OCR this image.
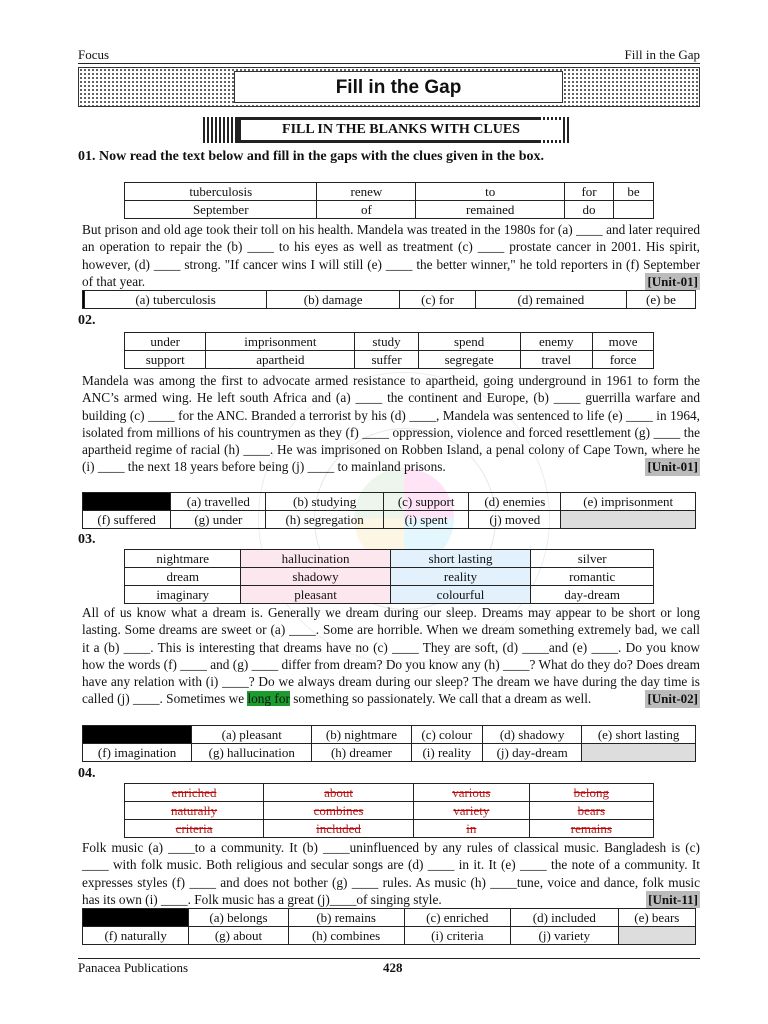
Focus	Fill in the Gap
Fill in the Gap
FILL IN THE BLANKS WITH CLUES
01. Now read the text below and fill in the gaps with the clues given in the box.
tuberculosis	renew	to	for	be
September	of	remained	do	

But prison and old age took their toll on his health. Mandela was treated in the 1980s for (a) ____ and later required an operation to repair the (b) ____ to his eyes as well as treatment (c) ____ prostate cancer in 2001. His spirit, however, (d) ____ strong. "If cancer wins I will still (e) ____ the better winner," he told reporters in (f) September of that year.	[Unit-01]

	(a) tuberculosis	(b) damage	(c) for	(d) remained	(e) be
02.
under	imprisonment	study	spend	enemy	move
support	apartheid	suffer	segregate	travel	force

Mandela was among the first to advocate armed resistance to apartheid, going underground in 1961 to form the ANC’s armed wing. He left south Africa and (a) ____ the continent and Europe, (b) ____ guerrilla warfare and building (c) ____ for the ANC. Branded a terrorist by his (d) ____, Mandela was sentenced to life (e) ____ in 1964, isolated from millions of his countrymen as they (f) ____ oppression, violence and forced resettlement (g) ____ the apartheid regime of racial (h) ____. He was imprisoned on Robben Island, a penal colony of Cape Town, where he (i) ____ the next 18 years before being (j) ____ to mainland prisons.	[Unit-01]

	(a) travelled	(b) studying	(c) support	(d) enemies	(e) imprisonment
(f) suffered	(g) under	(h) segregation	(i) spent	(j) moved	
03.
nightmare	hallucination	short lasting	silver
dream	shadowy	reality	romantic
imaginary	pleasant	colourful	day-dream

All of us know what a dream is. Generally we dream during our sleep. Dreams may appear to be short or long lasting. Some dreams are sweet or (a) ____. Some are horrible. When we dream something extremely bad, we call it a (b) ____. This is interesting that dreams have no (c) ____ They are soft, (d) ____and (e) ____. Do you know how the words (f) ____ and (g) ____ differ from dream? Do you know any (h) ____? What do they do? Does dream have any relation with (i) ____? Do we always dream during our sleep? The dream we have during the day time is called (j) ____. Sometimes we long for something so passionately. We call that a dream as well.	[Unit-02]

	(a) pleasant	(b) nightmare	(c) colour	(d) shadowy	(e) short lasting
(f) imagination	(g) hallucination	(h) dreamer	(i) reality	(j) day-dream	
04.
enriched	about	various	belong
naturally	combines	variety	bears
criteria	included	in	remains

Folk music (a) ____to a community. It (b) ____uninfluenced by any rules of classical music. Bangladesh is (c) ____ with folk music. Both religious and secular songs are (d) ____ in it. It (e) ____ the note of a community. It expresses styles (f) ____ and does not bother (g) ____ rules. As music (h) ____tune, voice and dance, folk music has its own (i) ____. Folk music has a great (j)____of singing style.	[Unit-11]

	(a) belongs	(b) remains	(c) enriched	(d) included	(e) bears
(f) naturally	(g) about	(h) combines	(i) criteria	(j) variety	
Panacea Publications	428
